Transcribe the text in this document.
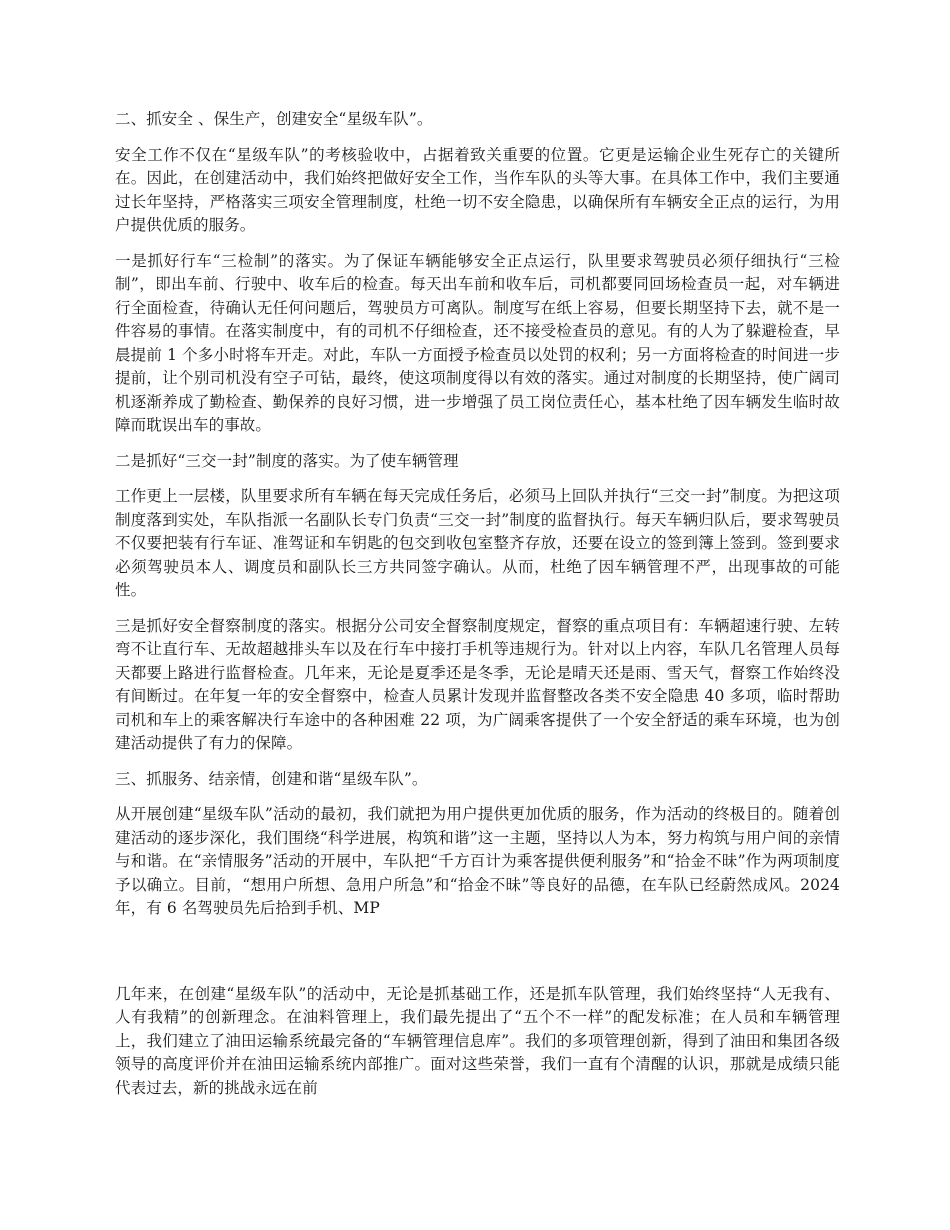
二、抓安全 、保生产，创建安全“星级车队”。

安全工作不仅在“星级车队”的考核验收中，占据着致关重要的位置。它更是运输企业生死存亡的关键所在。因此，在创建活动中，我们始终把做好安全工作，当作车队的头等大事。在具体工作中，我们主要通过长年坚持，严格落实三项安全管理制度，杜绝一切不安全隐患，以确保所有车辆安全正点的运行，为用户提供优质的服务。

一是抓好行车“三检制”的落实。为了保证车辆能够安全正点运行，队里要求驾驶员必须仔细执行“三检制”，即出车前、行驶中、收车后的检查。每天出车前和收车后，司机都要同回场检查员一起，对车辆进行全面检查，待确认无任何问题后，驾驶员方可离队。制度写在纸上容易，但要长期坚持下去，就不是一件容易的事情。在落实制度中，有的司机不仔细检查，还不接受检查员的意见。有的人为了躲避检查，早晨提前 1 个多小时将车开走。对此，车队一方面授予检查员以处罚的权利；另一方面将检查的时间进一步提前，让个别司机没有空子可钻，最终，使这项制度得以有效的落实。通过对制度的长期坚持，使广阔司机逐渐养成了勤检查、勤保养的良好习惯，进一步增强了员工岗位责任心，基本杜绝了因车辆发生临时故障而耽误出车的事故。

二是抓好“三交一封”制度的落实。为了使车辆管理

工作更上一层楼，队里要求所有车辆在每天完成任务后，必须马上回队并执行“三交一封”制度。为把这项制度落到实处，车队指派一名副队长专门负责“三交一封”制度的监督执行。每天车辆归队后，要求驾驶员不仅要把装有行车证、准驾证和车钥匙的包交到收包室整齐存放，还要在设立的签到簿上签到。签到要求必须驾驶员本人、调度员和副队长三方共同签字确认。从而，杜绝了因车辆管理不严，出现事故的可能性。

三是抓好安全督察制度的落实。根据分公司安全督察制度规定，督察的重点项目有：车辆超速行驶、左转弯不让直行车、无故超越排头车以及在行车中接打手机等违规行为。针对以上内容，车队几名管理人员每天都要上路进行监督检查。几年来，无论是夏季还是冬季，无论是晴天还是雨、雪天气，督察工作始终没有间断过。在年复一年的安全督察中，检查人员累计发现并监督整改各类不安全隐患 40 多项，临时帮助司机和车上的乘客解决行车途中的各种困难 22 项，为广阔乘客提供了一个安全舒适的乘车环境，也为创建活动提供了有力的保障。

三、抓服务、结亲情，创建和谐“星级车队”。

从开展创建“星级车队”活动的最初，我们就把为用户提供更加优质的服务，作为活动的终极目的。随着创建活动的逐步深化，我们围绕“科学进展，构筑和谐”这一主题，坚持以人为本，努力构筑与用户间的亲情与和谐。在“亲情服务”活动的开展中，车队把“千方百计为乘客提供便利服务”和“拾金不昧”作为两项制度予以确立。目前，“想用户所想、急用户所急”和“拾金不昧”等良好的品德，在车队已经蔚然成风。2024 年，有 6 名驾驶员先后拾到手机、MP

几年来，在创建“星级车队”的活动中，无论是抓基础工作，还是抓车队管理，我们始终坚持“人无我有、人有我精”的创新理念。在油料管理上，我们最先提出了“五个不一样”的配发标准；在人员和车辆管理上，我们建立了油田运输系统最完备的“车辆管理信息库”。我们的多项管理创新，得到了油田和集团各级领导的高度评价并在油田运输系统内部推广。面对这些荣誉，我们一直有个清醒的认识，那就是成绩只能代表过去，新的挑战永远在前
